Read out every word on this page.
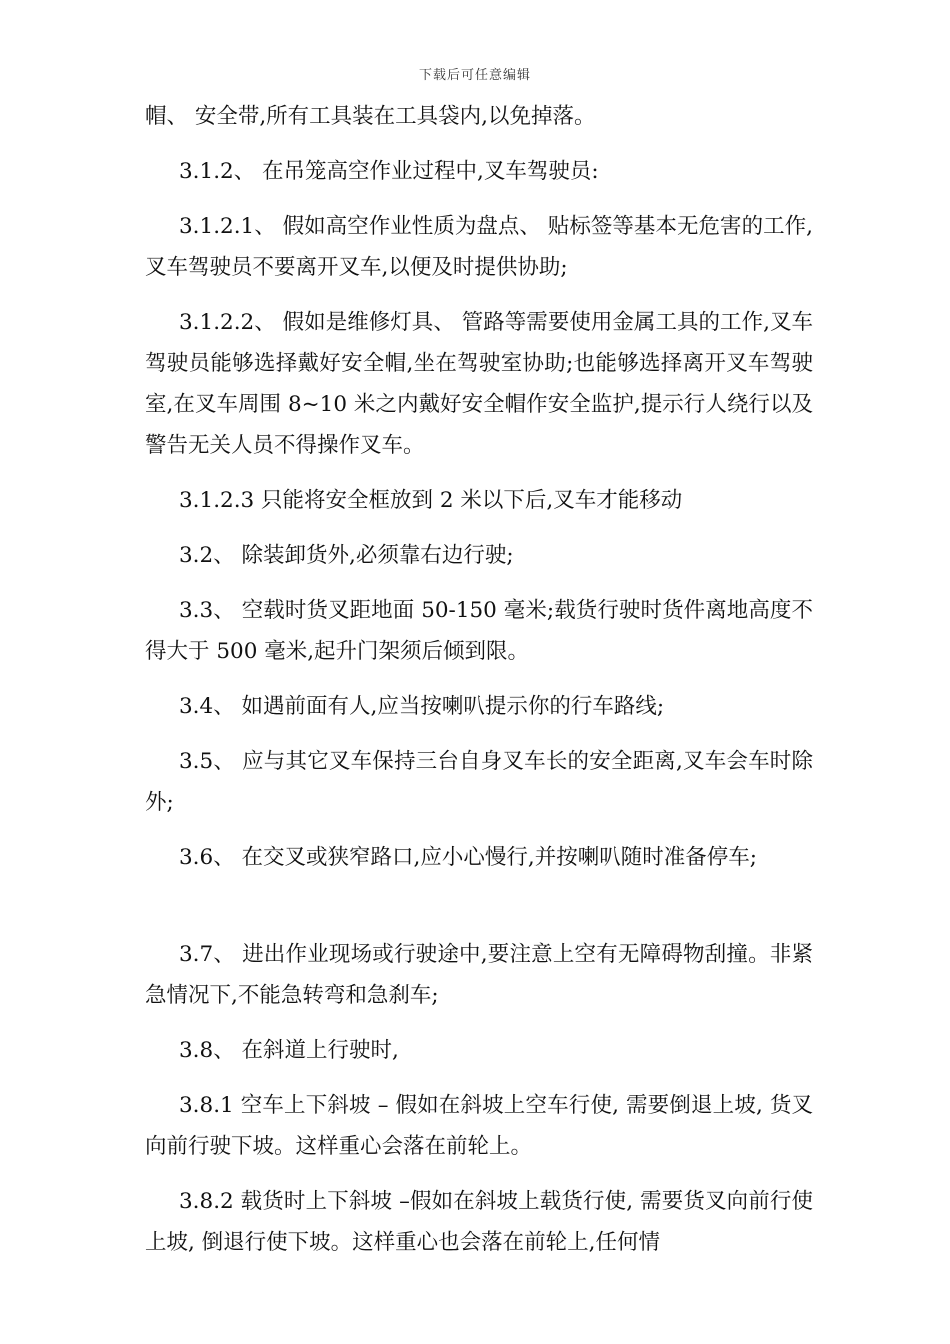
下载后可任意编辑

帽、 安全带,所有工具装在工具袋内,以免掉落。

3.1.2、 在吊笼高空作业过程中,叉车驾驶员:

3.1.2.1、 假如高空作业性质为盘点、 贴标签等基本无危害的工作,叉车驾驶员不要离开叉车,以便及时提供协助;

3.1.2.2、 假如是维修灯具、 管路等需要使用金属工具的工作,叉车驾驶员能够选择戴好安全帽,坐在驾驶室协助;也能够选择离开叉车驾驶室,在叉车周围 8~10 米之内戴好安全帽作安全监护,提示行人绕行以及警告无关人员不得操作叉车。

3.1.2.3 只能将安全框放到 2 米以下后,叉车才能移动

3.2、 除装卸货外,必须靠右边行驶;

3.3、 空载时货叉距地面 50-150 毫米;载货行驶时货件离地高度不得大于 500 毫米,起升门架须后倾到限。

3.4、 如遇前面有人,应当按喇叭提示你的行车路线;

3.5、 应与其它叉车保持三台自身叉车长的安全距离,叉车会车时除外;

3.6、 在交叉或狭窄路口,应小心慢行,并按喇叭随时准备停车;

3.7、 进出作业现场或行驶途中,要注意上空有无障碍物刮撞。非紧急情况下,不能急转弯和急刹车;

3.8、 在斜道上行驶时,

3.8.1 空车上下斜坡 – 假如在斜坡上空车行使, 需要倒退上坡, 货叉向前行驶下坡。这样重心会落在前轮上。

3.8.2 载货时上下斜坡 –假如在斜坡上载货行使, 需要货叉向前行使上坡, 倒退行使下坡。这样重心也会落在前轮上,任何情
